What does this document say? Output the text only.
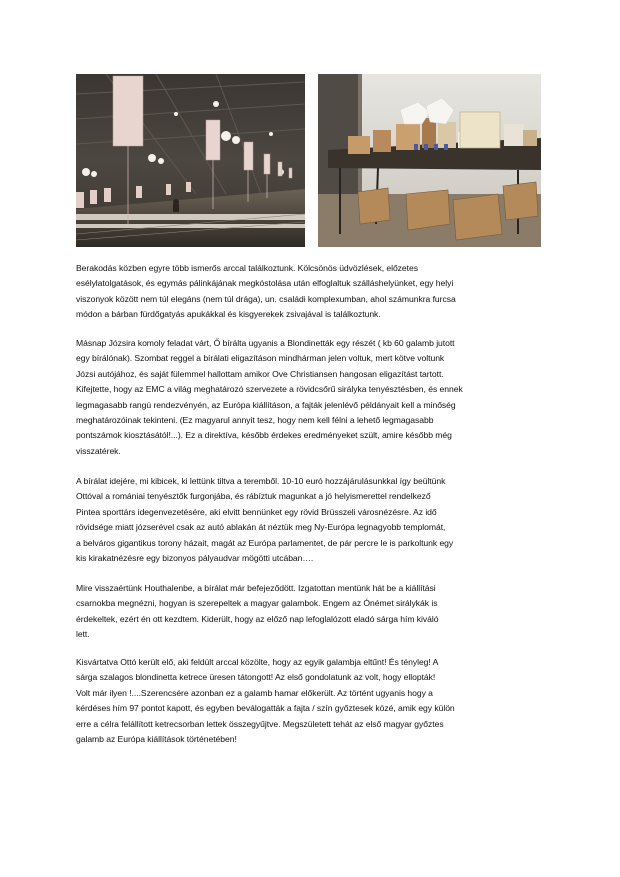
Berakodás közben egyre több ismerős arccal találkoztunk. Kölcsönös üdvözlések, előzetes
esélylatolgatások, és egymás pálinkájának megkóstolása után elfoglaltuk szálláshelyünket, egy helyi
viszonyok között nem túl elegáns (nem túl drága), un. családi komplexumban, ahol számunkra furcsa
módon a bárban fürdőgatyás apukákkal és kisgyerekek zsivajával is találkoztunk.

Másnap Józsira komoly feladat várt, Ő bírálta ugyanis a Blondinetták egy részét ( kb 60 galamb jutott
egy bírálónak). Szombat reggel a bírálati eligazításon mindhárman jelen voltuk, mert kötve voltunk
Józsi autójához, és saját fülemmel hallottam amikor Ove Christiansen hangosan eligazítást tartott.
Kifejtette, hogy az EMC a világ meghatározó szervezete a rövidcsőrű sirályka tenyésztésben, és ennek
legmagasabb rangú rendezvényén, az Európa kiállításon, a fajták jelenlévő példányait kell a minőség
meghatározóinak tekinteni. (Ez magyarul annyit tesz, hogy nem kell félni a lehető legmagasabb
pontszámok kiosztásától!...). Ez a direktíva, később érdekes eredményeket szült, amire később még
visszatérek.

A bírálat idejére, mi kibicek, ki lettünk tiltva a teremből. 10-10 euró hozzájárulásunkkal így beültünk
Ottóval a romániai tenyésztők furgonjába, és rábíztuk magunkat a jó helyismerettel rendelkező
Pintea sporttárs idegenvezetésére, aki elvitt bennünket egy rövid Brüsszeli városnézésre. Az idő
rövidsége miatt józserével csak az autó ablakán át néztük meg Ny-Európa legnagyobb templomát,
a belváros gigantikus torony házait, magát az Európa parlamentet, de pár percre le is parkoltunk egy
kis kirakatnézésre egy bizonyos pályaudvar mögötti utcában….

Mire visszaértünk Houthalenbe, a bírálat már befejeződött. Izgatottan mentünk hát be a kiállítási
csarnokba megnézni, hogyan is szerepeltek a magyar galambok. Engem az Ónémet sirálykák is
érdekeltek, ezért én ott kezdtem. Kiderült, hogy az előző nap lefoglalózott eladó sárga hím kiváló
lett.

Kisvártatva Ottó került elő, aki feldúlt arccal közölte, hogy az egyik galambja eltűnt! És tényleg! A
sárga szalagos blondinetta ketrece üresen tátongott! Az első gondolatunk az volt, hogy ellopták!
Volt már ilyen !....Szerencsére azonban ez a galamb hamar előkerült. Az történt ugyanis hogy a
kérdéses hím 97 pontot kapott, és egyben beválogatták a fajta / szín győztesek közé, amik egy külön
erre a célra felállított ketrecsorban lettek összegyűjtve. Megszületett tehát az első magyar győztes
galamb az Európa kiállítások történetében!
